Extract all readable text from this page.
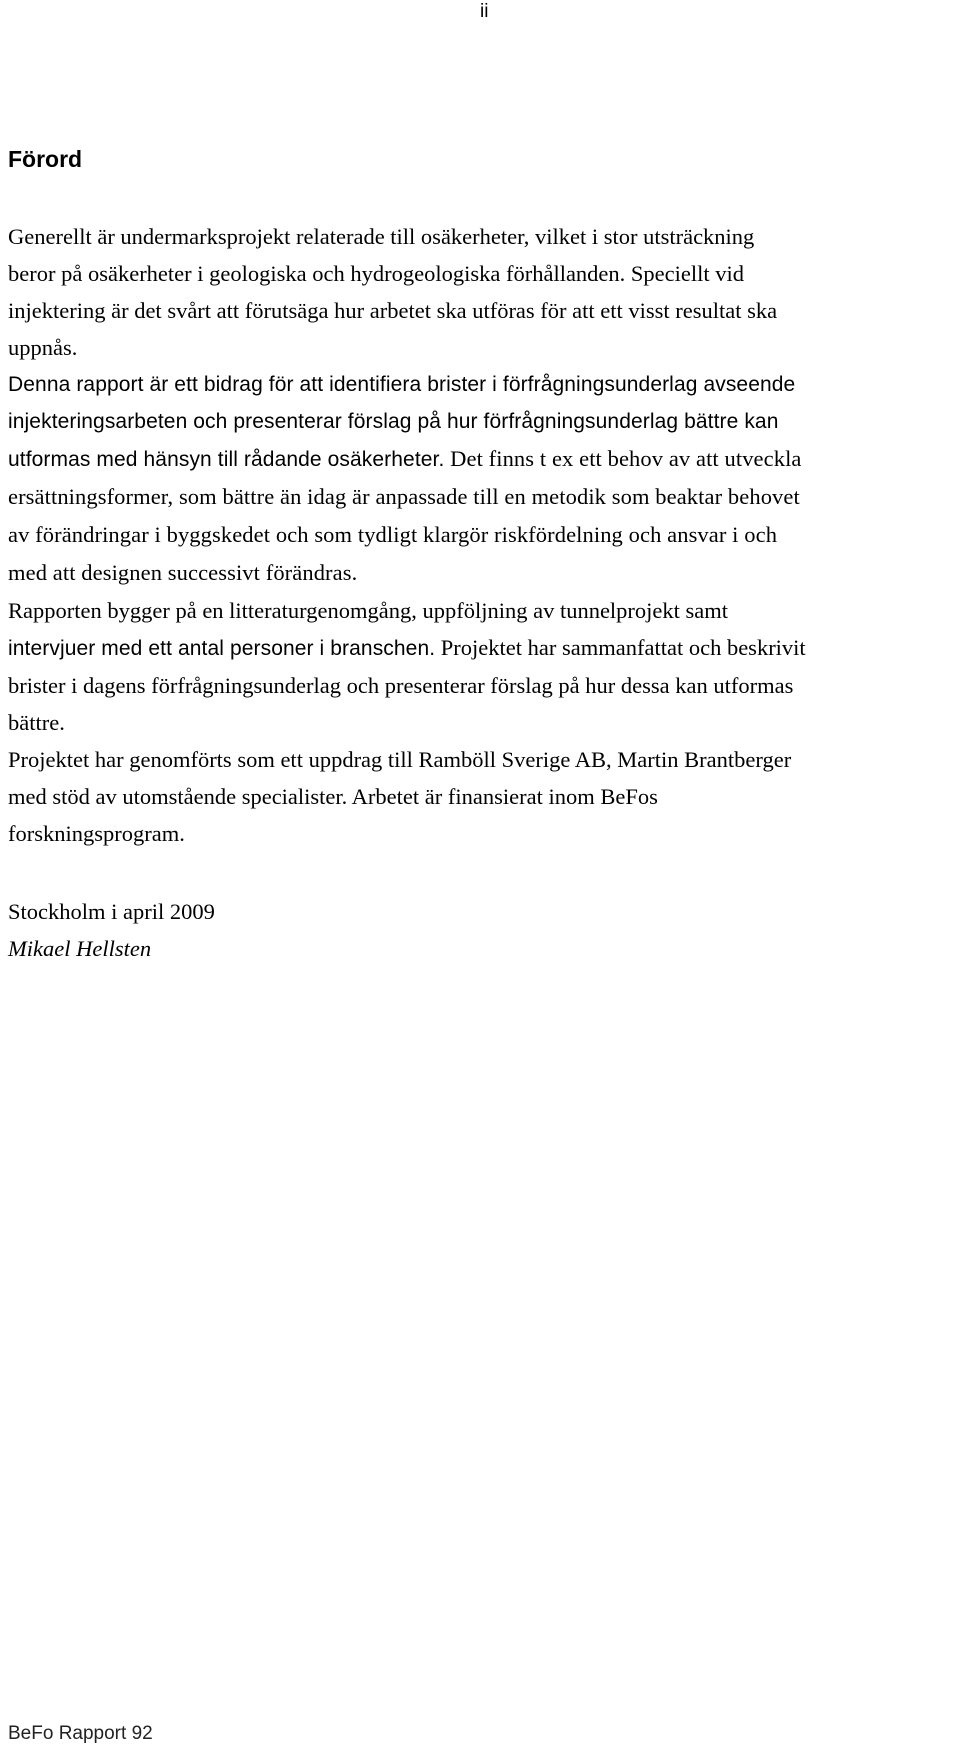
ii
Förord

Generellt är undermarksprojekt relaterade till osäkerheter, vilket i stor utsträckning
beror på osäkerheter i geologiska och hydrogeologiska förhållanden. Speciellt vid
injektering är det svårt att förutsäga hur arbetet ska utföras för att ett visst resultat ska
uppnås.

Denna rapport är ett bidrag för att identifiera brister i förfrågningsunderlag avseende
injekteringsarbeten och presenterar förslag på hur förfrågningsunderlag bättre kan
utformas med hänsyn till rådande osäkerheter. Det finns t ex ett behov av att utveckla
ersättningsformer, som bättre än idag är anpassade till en metodik som beaktar behovet
av förändringar i byggskedet och som tydligt klargör riskfördelning och ansvar i och
med att designen successivt förändras.

Rapporten bygger på en litteraturgenomgång, uppföljning av tunnelprojekt samt
intervjuer med ett antal personer i branschen. Projektet har sammanfattat och beskrivit
brister i dagens förfrågningsunderlag och presenterar förslag på hur dessa kan utformas
bättre.

Projektet har genomförts som ett uppdrag till Ramböll Sverige AB, Martin Brantberger
med stöd av utomstående specialister. Arbetet är finansierat inom BeFos
forskningsprogram.

Stockholm i april 2009

Mikael Hellsten

BeFo Rapport 92
